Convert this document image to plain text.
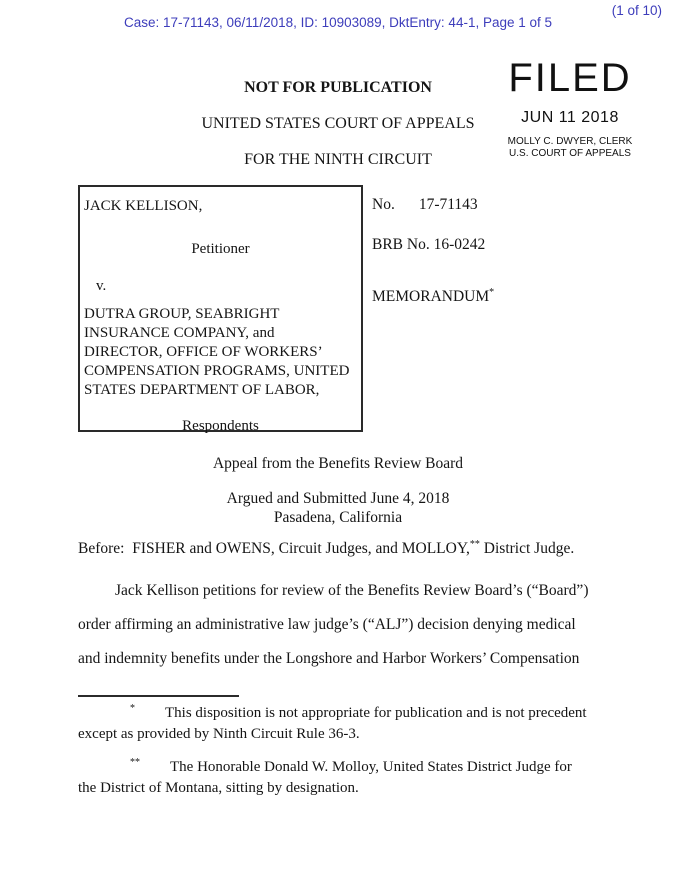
(1 of 10)
Case: 17-71143, 06/11/2018, ID: 10903089, DktEntry: 44-1, Page 1 of 5
FILED
JUN 11 2018
MOLLY C. DWYER, CLERK
U.S. COURT OF APPEALS
NOT FOR PUBLICATION
UNITED STATES COURT OF APPEALS
FOR THE NINTH CIRCUIT
JACK KELLISON,
Petitioner
v.
DUTRA GROUP, SEABRIGHT
INSURANCE COMPANY, and
DIRECTOR, OFFICE OF WORKERS’
COMPENSATION PROGRAMS, UNITED
STATES DEPARTMENT OF LABOR,
Respondents
No. 17-71143
BRB No. 16-0242
MEMORANDUM*
Appeal from the Benefits Review Board
Argued and Submitted June 4, 2018
Pasadena, California
Before:  FISHER and OWENS, Circuit Judges, and MOLLOY,** District Judge.
Jack Kellison petitions for review of the Benefits Review Board’s (“Board”)
order affirming an administrative law judge’s (“ALJ”) decision denying medical
and indemnity benefits under the Longshore and Harbor Workers’ Compensation
* This disposition is not appropriate for publication and is not precedent
except as provided by Ninth Circuit Rule 36-3.
** The Honorable Donald W. Molloy, United States District Judge for
the District of Montana, sitting by designation.
